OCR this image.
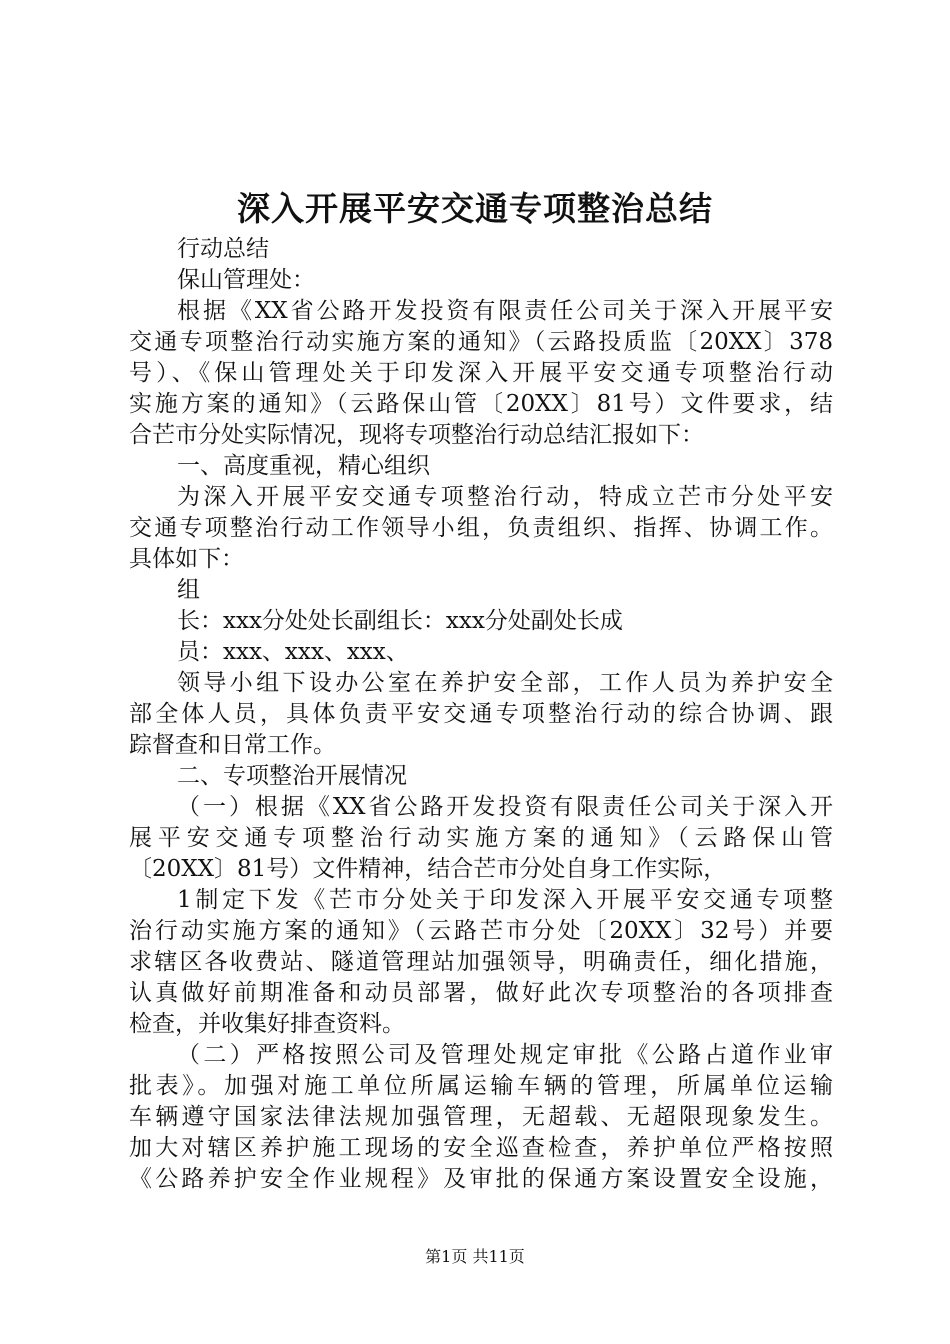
深入开展平安交通专项整治总结
行动总结
保山管理处：
根据《XX省公路开发投资有限责任公司关于深入开展平安
交通专项整治行动实施方案的通知》（云路投质监〔20XX〕378
号）、《保山管理处关于印发深入开展平安交通专项整治行动
实施方案的通知》（云路保山管〔20XX〕81号）文件要求，结
合芒市分处实际情况，现将专项整治行动总结汇报如下：
一、高度重视，精心组织
为深入开展平安交通专项整治行动，特成立芒市分处平安
交通专项整治行动工作领导小组，负责组织、指挥、协调工作。
具体如下：
组
长：xxx分处处长副组长：xxx分处副处长成
员：xxx、xxx、xxx、
领导小组下设办公室在养护安全部，工作人员为养护安全
部全体人员，具体负责平安交通专项整治行动的综合协调、跟
踪督查和日常工作。
二、专项整治开展情况
（一）根据《XX省公路开发投资有限责任公司关于深入开
展平安交通专项整治行动实施方案的通知》（云路保山管
〔20XX〕81号）文件精神，结合芒市分处自身工作实际，
1制定下发《芒市分处关于印发深入开展平安交通专项整
治行动实施方案的通知》（云路芒市分处〔20XX〕32号）并要
求辖区各收费站、隧道管理站加强领导，明确责任，细化措施，
认真做好前期准备和动员部署，做好此次专项整治的各项排查
检查，并收集好排查资料。
（二）严格按照公司及管理处规定审批《公路占道作业审
批表》。加强对施工单位所属运输车辆的管理，所属单位运输
车辆遵守国家法律法规加强管理，无超载、无超限现象发生。
加大对辖区养护施工现场的安全巡查检查，养护单位严格按照
《公路养护安全作业规程》及审批的保通方案设置安全设施，
第1页 共11页
